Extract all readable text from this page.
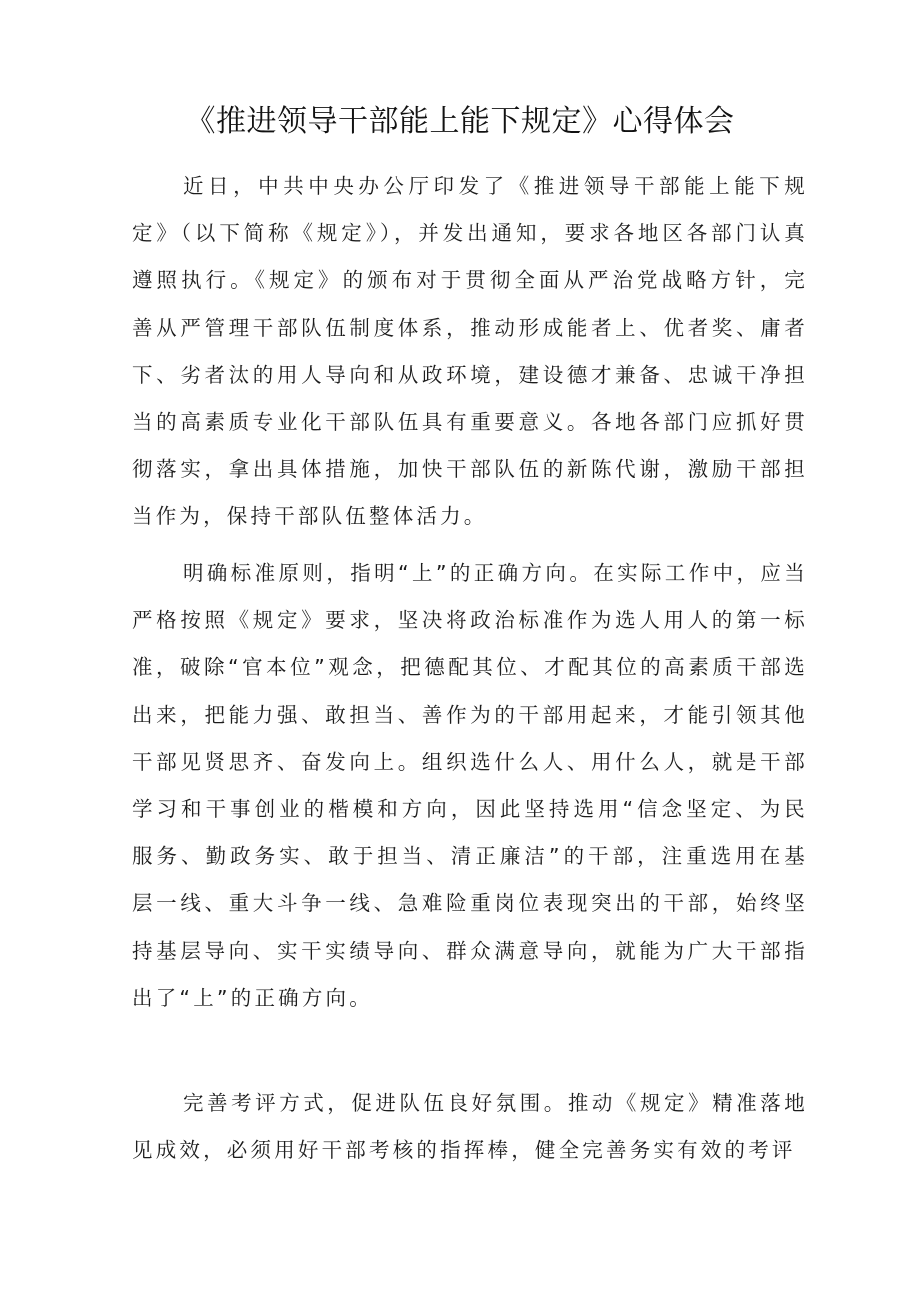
《推进领导干部能上能下规定》心得体会

近日，中共中央办公厅印发了《推进领导干部能上能下规定》（以下简称《规定》），并发出通知，要求各地区各部门认真遵照执行。《规定》的颁布对于贯彻全面从严治党战略方针，完善从严管理干部队伍制度体系，推动形成能者上、优者奖、庸者下、劣者汰的用人导向和从政环境，建设德才兼备、忠诚干净担当的高素质专业化干部队伍具有重要意义。各地各部门应抓好贯彻落实，拿出具体措施，加快干部队伍的新陈代谢，激励干部担当作为，保持干部队伍整体活力。

明确标准原则，指明“上”的正确方向。在实际工作中，应当严格按照《规定》要求，坚决将政治标准作为选人用人的第一标准，破除“官本位”观念，把德配其位、才配其位的高素质干部选出来，把能力强、敢担当、善作为的干部用起来，才能引领其他干部见贤思齐、奋发向上。组织选什么人、用什么人，就是干部学习和干事创业的楷模和方向，因此坚持选用“信念坚定、为民服务、勤政务实、敢于担当、清正廉洁”的干部，注重选用在基层一线、重大斗争一线、急难险重岗位表现突出的干部，始终坚持基层导向、实干实绩导向、群众满意导向，就能为广大干部指出了“上”的正确方向。

完善考评方式，促进队伍良好氛围。推动《规定》精准落地见成效，必须用好干部考核的指挥棒，健全完善务实有效的考评
